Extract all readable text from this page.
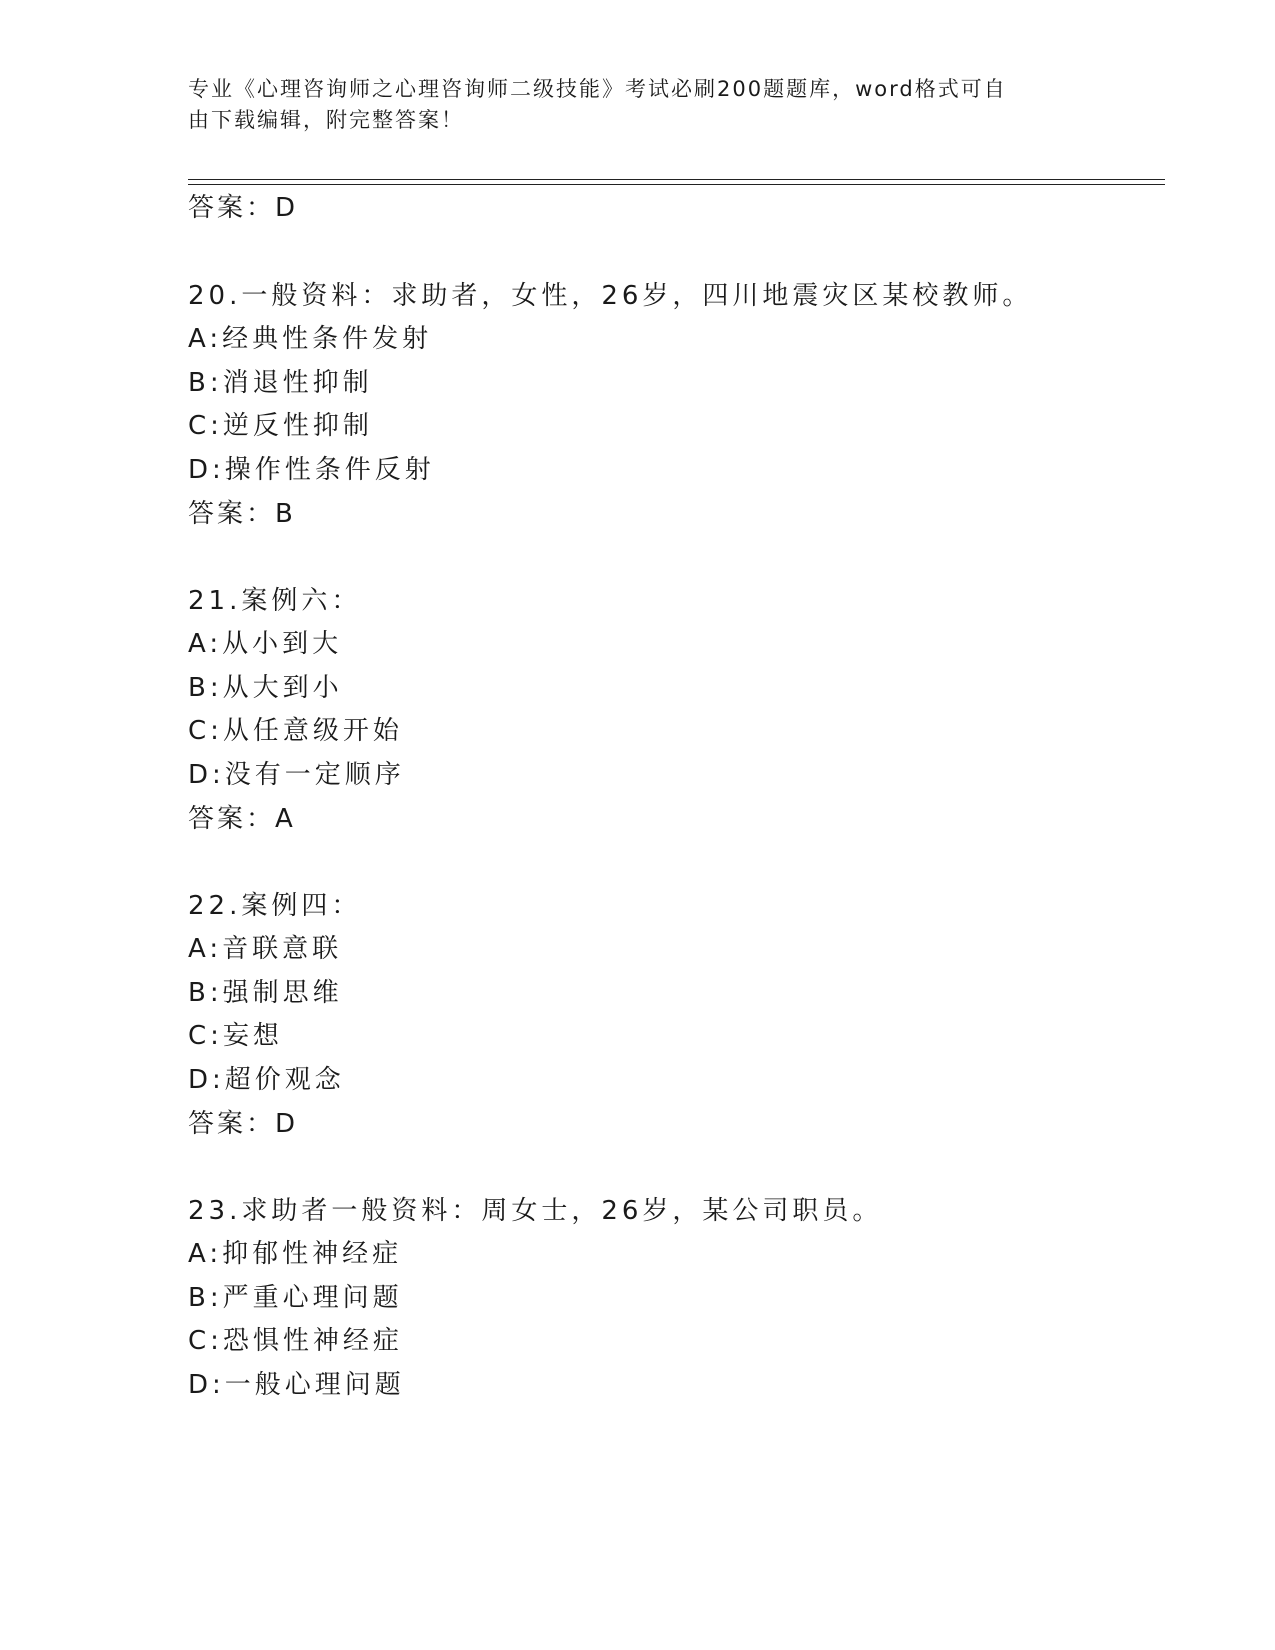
专业《心理咨询师之心理咨询师二级技能》考试必刷200题题库，word格式可自
由下载编辑，附完整答案！
答案：D
20.一般资料：求助者，女性，26岁，四川地震灾区某校教师。
A:经典性条件发射
B:消退性抑制
C:逆反性抑制
D:操作性条件反射
答案：B
21.案例六：
A:从小到大
B:从大到小
C:从任意级开始
D:没有一定顺序
答案：A
22.案例四：
A:音联意联
B:强制思维
C:妄想
D:超价观念
答案：D
23.求助者一般资料：周女士，26岁，某公司职员。
A:抑郁性神经症
B:严重心理问题
C:恐惧性神经症
D:一般心理问题
